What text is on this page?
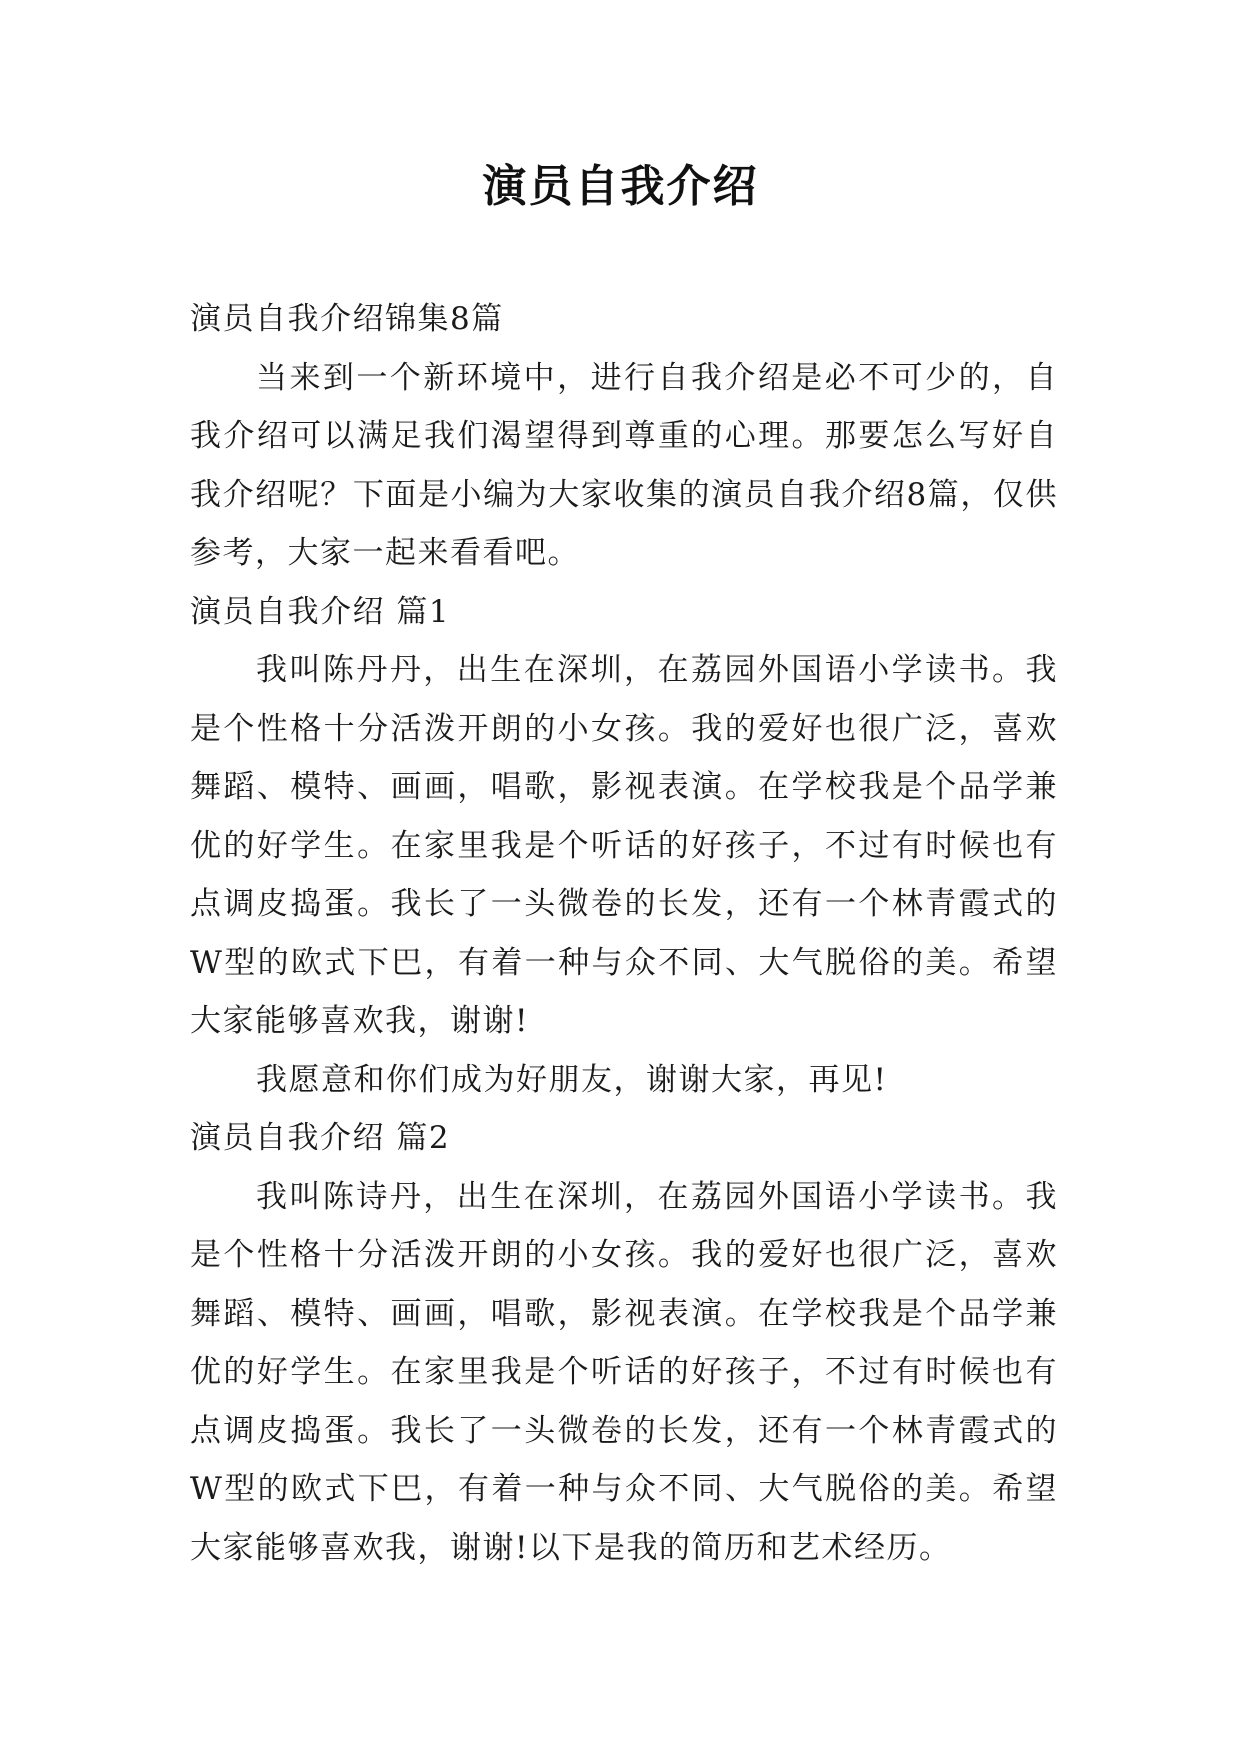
演员自我介绍

演员自我介绍锦集8篇

当来到一个新环境中，进行自我介绍是必不可少的，自我介绍可以满足我们渴望得到尊重的心理。那要怎么写好自我介绍呢？下面是小编为大家收集的演员自我介绍8篇，仅供参考，大家一起来看看吧。

演员自我介绍 篇1

我叫陈丹丹，出生在深圳，在荔园外国语小学读书。我是个性格十分活泼开朗的小女孩。我的爱好也很广泛，喜欢舞蹈、模特、画画，唱歌，影视表演。在学校我是个品学兼优的好学生。在家里我是个听话的好孩子，不过有时候也有点调皮捣蛋。我长了一头微卷的长发，还有一个林青霞式的W型的欧式下巴，有着一种与众不同、大气脱俗的美。希望大家能够喜欢我，谢谢!

我愿意和你们成为好朋友，谢谢大家，再见!

演员自我介绍 篇2

我叫陈诗丹，出生在深圳，在荔园外国语小学读书。我是个性格十分活泼开朗的小女孩。我的爱好也很广泛，喜欢舞蹈、模特、画画，唱歌，影视表演。在学校我是个品学兼优的好学生。在家里我是个听话的好孩子，不过有时候也有点调皮捣蛋。我长了一头微卷的长发，还有一个林青霞式的W型的欧式下巴，有着一种与众不同、大气脱俗的美。希望大家能够喜欢我，谢谢!以下是我的简历和艺术经历。
